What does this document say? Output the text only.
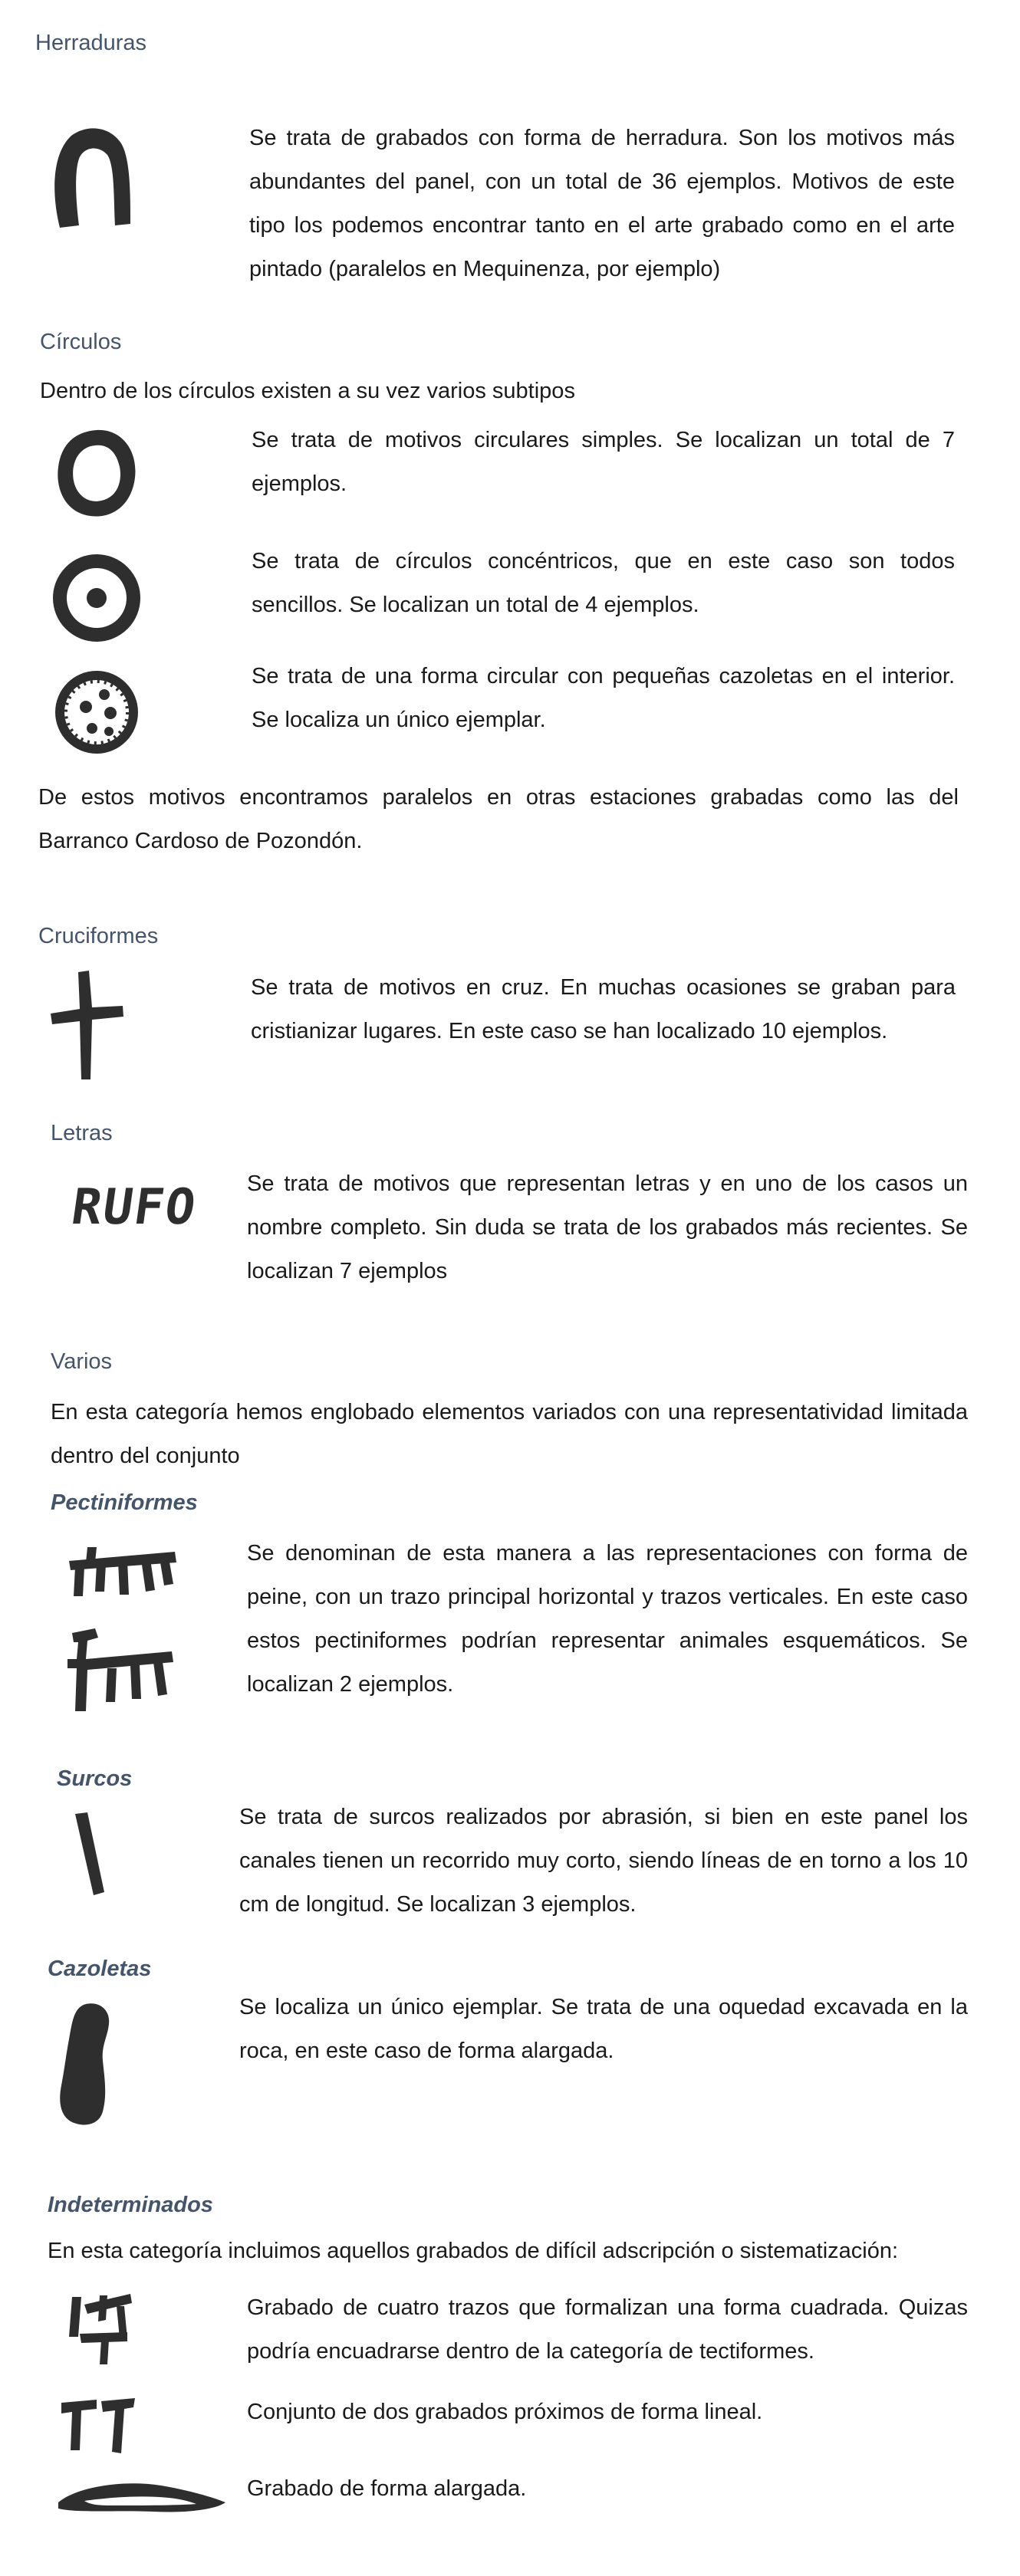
Herraduras

Se trata de grabados con forma de herradura. Son los motivos más abundantes del panel, con un total de 36 ejemplos. Motivos de este tipo los podemos encontrar tanto en el arte grabado como en el arte pintado (paralelos en Mequinenza, por ejemplo)

Círculos

Dentro de los círculos existen a su vez varios subtipos

Se trata de motivos circulares simples. Se localizan un total de 7 ejemplos.

Se trata de círculos concéntricos, que en este caso son todos sencillos. Se localizan un total de 4 ejemplos.

Se trata de una forma circular con pequeñas cazoletas en el interior. Se localiza un único ejemplar.

De estos motivos encontramos paralelos en otras estaciones grabadas como las del Barranco Cardoso de Pozondón.

Cruciformes

Se trata de motivos en cruz. En muchas ocasiones se graban para cristianizar lugares. En este caso se han localizado 10 ejemplos.

Letras
RUFO Se trata de motivos que representan letras y en uno de los casos un nombre completo. Sin duda se trata de los grabados más recientes. Se localizan 7 ejemplos

Varios

En esta categoría hemos englobado elementos variados con una representatividad limitada dentro del conjunto

Pectiniformes

Se denominan de esta manera a las representaciones con forma de peine, con un trazo principal horizontal y trazos verticales. En este caso estos pectiniformes podrían representar animales esquemáticos. Se localizan 2 ejemplos.

Surcos

Se trata de surcos realizados por abrasión, si bien en este panel los canales tienen un recorrido muy corto, siendo líneas de en torno a los 10 cm de longitud. Se localizan 3 ejemplos.

Cazoletas

Se localiza un único ejemplar. Se trata de una oquedad excavada en la roca, en este caso de forma alargada.

Indeterminados

En esta categoría incluimos aquellos grabados de difícil adscripción o sistematización:

Grabado de cuatro trazos que formalizan una forma cuadrada. Quizas podría encuadrarse dentro de la categoría de tectiformes.

Conjunto de dos grabados próximos de forma lineal.

Grabado de forma alargada.
